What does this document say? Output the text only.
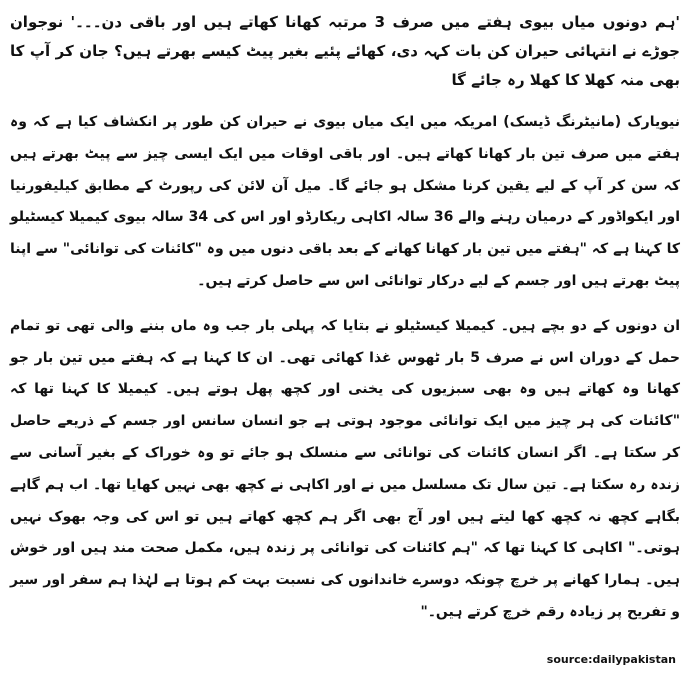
'ہم دونوں میاں بیوی ہفتے میں صرف 3 مرتبہ کھانا کھاتے ہیں اور باقی دن۔۔۔' نوجوان جوڑے نے انتہائی حیران کن بات کہہ دی، کھائے پئیے بغیر پیٹ کیسے بھرتے ہیں؟ جان کر آپ کا بھی منہ کھلا کا کھلا رہ جائے گا

نیویارک (مانیٹرنگ ڈیسک) امریکہ میں ایک میاں بیوی نے حیران کن طور پر انکشاف کیا ہے کہ وہ ہفتے میں صرف تین بار کھانا کھاتے ہیں۔ اور باقی اوقات میں ایک ایسی چیز سے پیٹ بھرتے ہیں کہ سن کر آپ کے لیے یقین کرنا مشکل ہو جائے گا۔ میل آن لائن کی رپورٹ کے مطابق کیلیفورنیا اور ایکواڈور کے درمیان رہنے والے 36 سالہ اکاہی ریکارڈو اور اس کی 34 سالہ بیوی کیمیلا کیسٹیلو کا کہنا ہے کہ "ہفتے میں تین بار کھانا کھانے کے بعد باقی دنوں میں وہ "کائنات کی توانائی" سے اپنا پیٹ بھرتے ہیں اور جسم کے لیے درکار توانائی اس سے حاصل کرتے ہیں۔

ان دونوں کے دو بچے ہیں۔ کیمیلا کیسٹیلو نے بتایا کہ پہلی بار جب وہ ماں بننے والی تھی تو تمام حمل کے دوران اس نے صرف 5 بار ٹھوس غذا کھائی تھی۔ ان کا کہنا ہے کہ ہفتے میں تین بار جو کھانا وہ کھاتے ہیں وہ بھی سبزیوں کی یخنی اور کچھ پھل ہوتے ہیں۔ کیمیلا کا کہنا تھا کہ "کائنات کی ہر چیز میں ایک توانائی موجود ہوتی ہے جو انسان سانس اور جسم کے ذریعے حاصل کر سکتا ہے۔ اگر انسان کائنات کی توانائی سے منسلک ہو جائے تو وہ خوراک کے بغیر آسانی سے زندہ رہ سکتا ہے۔ تین سال تک مسلسل میں نے اور اکاہی نے کچھ بھی نہیں کھایا تھا۔ اب ہم گاہے بگاہے کچھ نہ کچھ کھا لیتے ہیں اور آج بھی اگر ہم کچھ کھاتے ہیں تو اس کی وجہ بھوک نہیں ہوتی۔" اکاہی کا کہنا تھا کہ "ہم کائنات کی توانائی پر زندہ ہیں، مکمل صحت مند ہیں اور خوش ہیں۔ ہمارا کھانے پر خرچ چونکہ دوسرے خاندانوں کی نسبت بہت کم ہوتا ہے لہٰذا ہم سفر اور سیر و تفریح پر زیادہ رقم خرچ کرتے ہیں۔"

source:dailypakistan
